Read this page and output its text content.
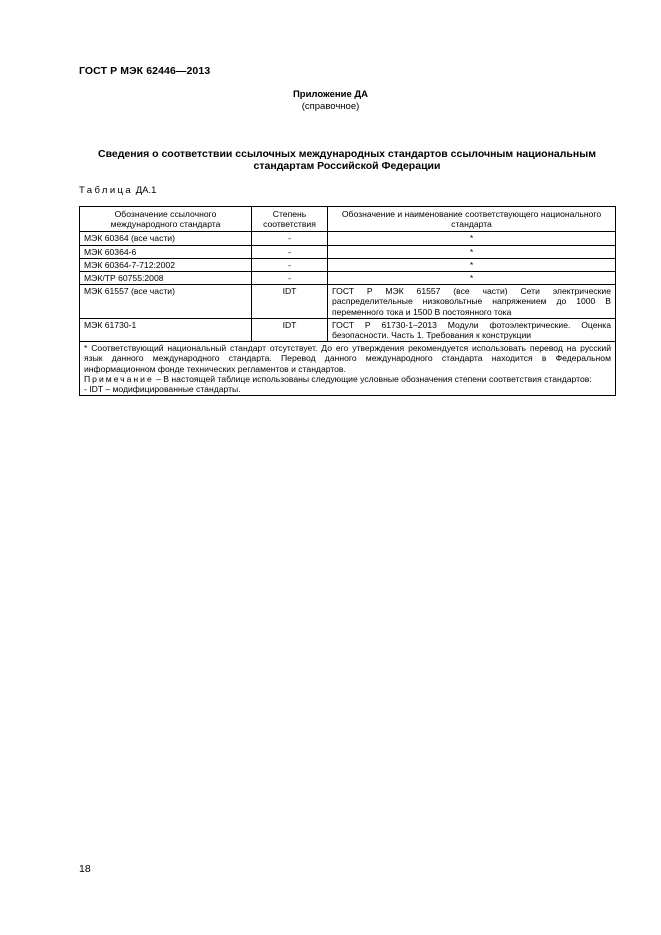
ГОСТ Р МЭК 62446—2013
Приложение ДА
(справочное)
Сведения о соответствии ссылочных международных стандартов ссылочным национальным
стандартам Российской Федерации
Таблица ДА.1
Обозначение ссылочного международного стандарта	Степень соответствия	Обозначение и наименование соответствующего национального стандарта
МЭК 60364 (все части)	-	*
МЭК 60364-6	-	*
МЭК 60364-7-712:2002	-	*
МЭК/ТР 60755:2008	-	*
МЭК 61557 (все части)	IDT	ГОСТ Р МЭК 61557 (все части) Сети электрические распределительные низковольтные напряжением до 1000 В переменного тока и 1500 В постоянного тока
МЭК 61730-1	IDT	ГОСТ Р 61730-1–2013 Модули фотоэлектрические. Оценка безопасности. Часть 1. Требования к конструкции

* Соответствующий национальный стандарт отсутствует. До его утверждения рекомендуется использовать перевод на русский язык данного международного стандарта. Перевод данного международного стандарта находится в Федеральном информационном фонде технических регламентов и стандартов.
Примечание – В настоящей таблице использованы следующие условные обозначения степени соответствия стандартов:
- IDT – модифицированные стандарты.		
18
